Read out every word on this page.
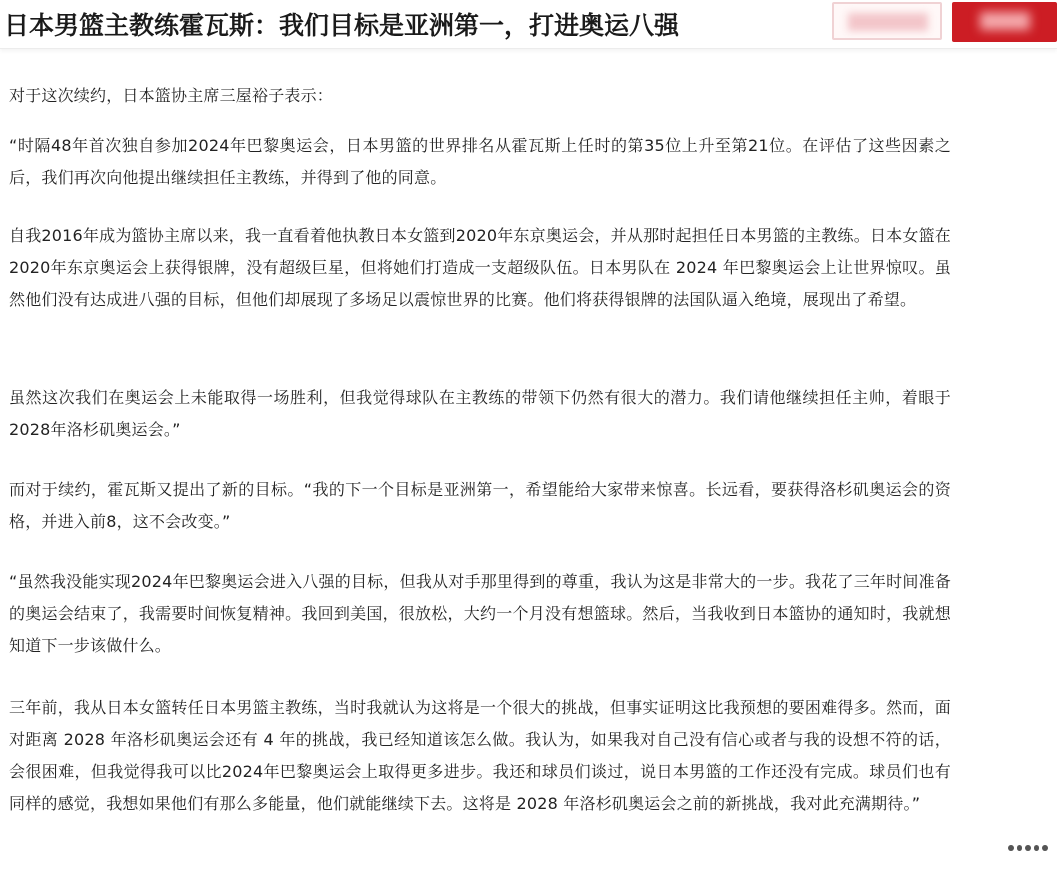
日本男篮主教练霍瓦斯：我们目标是亚洲第一，打进奥运八强

对于这次续约，日本篮协主席三屋裕子表示：

“时隔48年首次独自参加2024年巴黎奥运会，日本男篮的世界排名从霍瓦斯上任时的第35位上升至第21位。在评估了这些因素之后，我们再次向他提出继续担任主教练，并得到了他的同意。

自我2016年成为篮协主席以来，我一直看着他执教日本女篮到2020年东京奥运会，并从那时起担任日本男篮的主教练。日本女篮在2020年东京奥运会上获得银牌，没有超级巨星，但将她们打造成一支超级队伍。日本男队在 2024 年巴黎奥运会上让世界惊叹。虽然他们没有达成进八强的目标，但他们却展现了多场足以震惊世界的比赛。他们将获得银牌的法国队逼入绝境，展现出了希望。

虽然这次我们在奥运会上未能取得一场胜利，但我觉得球队在主教练的带领下仍然有很大的潜力。我们请他继续担任主帅，着眼于2028年洛杉矶奥运会。”

而对于续约，霍瓦斯又提出了新的目标。“我的下一个目标是亚洲第一，希望能给大家带来惊喜。长远看，要获得洛杉矶奥运会的资格，并进入前8，这不会改变。”

“虽然我没能实现2024年巴黎奥运会进入八强的目标，但我从对手那里得到的尊重，我认为这是非常大的一步。我花了三年时间准备的奥运会结束了，我需要时间恢复精神。我回到美国，很放松，大约一个月没有想篮球。然后，当我收到日本篮协的通知时，我就想知道下一步该做什么。

三年前，我从日本女篮转任日本男篮主教练，当时我就认为这将是一个很大的挑战，但事实证明这比我预想的要困难得多。然而，面对距离 2028 年洛杉矶奥运会还有 4 年的挑战，我已经知道该怎么做。我认为，如果我对自己没有信心或者与我的设想不符的话，会很困难，但我觉得我可以比2024年巴黎奥运会上取得更多进步。我还和球员们谈过，说日本男篮的工作还没有完成。球员们也有同样的感觉，我想如果他们有那么多能量，他们就能继续下去。这将是 2028 年洛杉矶奥运会之前的新挑战，我对此充满期待。”
